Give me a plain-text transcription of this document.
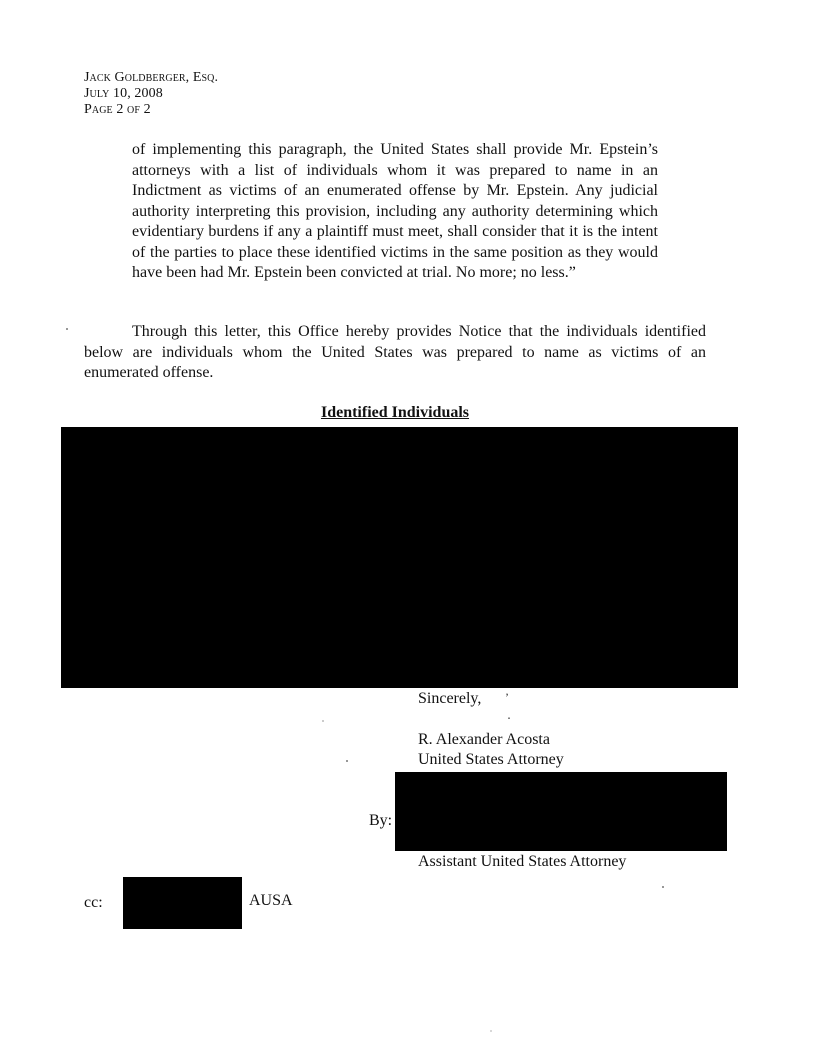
Jack Goldberger, Esq.
July 10, 2008
Page 2 of 2
of implementing this paragraph, the United States shall provide Mr. Epstein’s attorneys with a list of individuals whom it was prepared to name in an Indictment as victims of an enumerated offense by Mr. Epstein. Any judicial authority interpreting this provision, including any authority determining which evidentiary burdens if any a plaintiff must meet, shall consider that it is the intent of the parties to place these identified victims in the same position as they would have been had Mr. Epstein been convicted at trial. No more; no less.”
Through this letter, this Office hereby provides Notice that the individuals identified below are individuals whom the United States was prepared to name as victims of an enumerated offense.
Identified Individuals
Sincerely, ’
․
R. Alexander Acosta
United States Attorney
By:
Assistant United States Attorney
cc:	AUSA
